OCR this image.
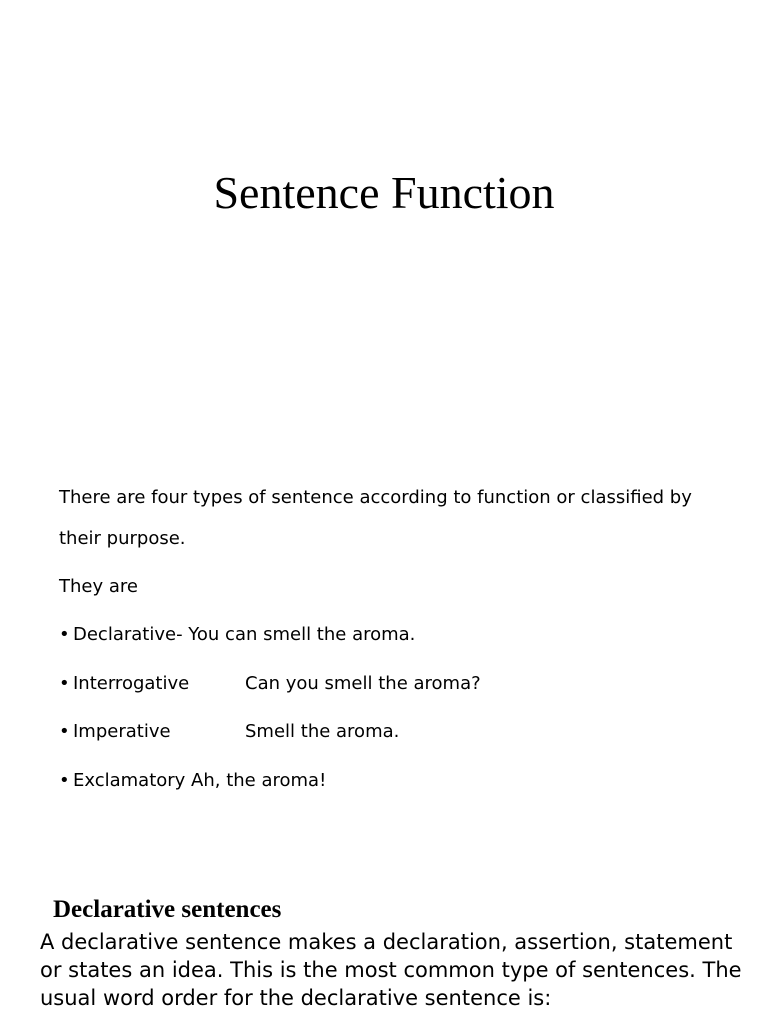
Sentence Function
There are four types of sentence according to function or classified by
their purpose.
They are
• Declarative- You can smell the aroma.
• Interrogative	Can you smell the aroma?
• Imperative	Smell the aroma.
• Exclamatory Ah, the aroma!
Declarative sentences

A declarative sentence makes a declaration, assertion, statement
or states an idea. This is the most common type of sentences. The
usual word order for the declarative sentence is:
